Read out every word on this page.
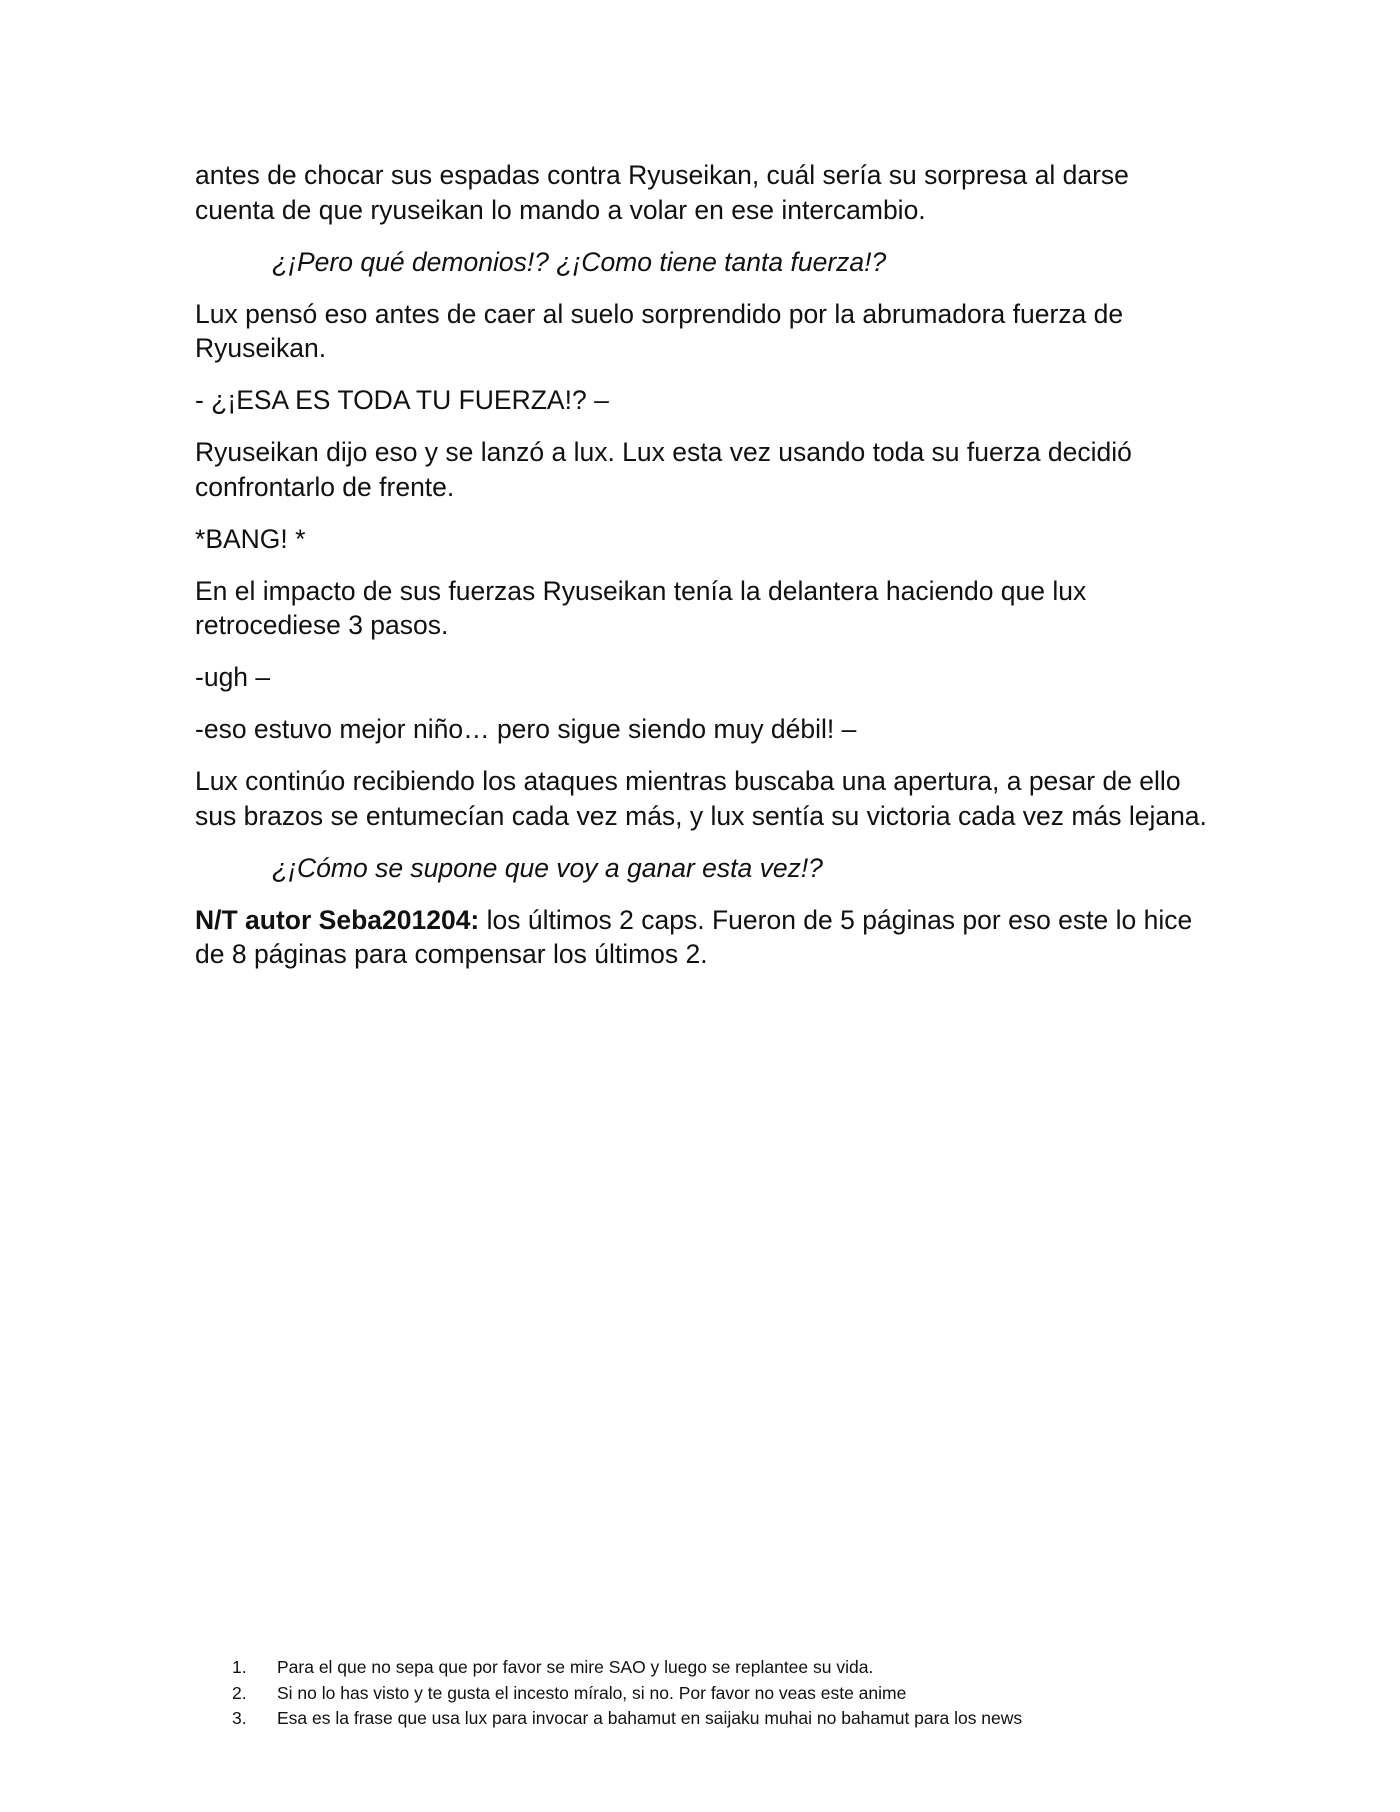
antes de chocar sus espadas contra Ryuseikan, cuál sería su sorpresa al darse cuenta de que ryuseikan lo mando a volar en ese intercambio.

¿¡Pero qué demonios!? ¿¡Como tiene tanta fuerza!?

Lux pensó eso antes de caer al suelo sorprendido por la abrumadora fuerza de Ryuseikan.

- ¿¡ESA ES TODA TU FUERZA!? –

Ryuseikan dijo eso y se lanzó a lux. Lux esta vez usando toda su fuerza decidió confrontarlo de frente.

*BANG! *

En el impacto de sus fuerzas Ryuseikan tenía la delantera haciendo que lux retrocediese 3 pasos.

-ugh –

-eso estuvo mejor niño… pero sigue siendo muy débil! –

Lux continúo recibiendo los ataques mientras buscaba una apertura, a pesar de ello sus brazos se entumecían cada vez más, y lux sentía su victoria cada vez más lejana.

¿¡Cómo se supone que voy a ganar esta vez!?

N/T autor Seba201204: los últimos 2 caps. Fueron de 5 páginas por eso este lo hice de 8 páginas para compensar los últimos 2.

1.	Para el que no sepa que por favor se mire SAO y luego se replantee su vida.
2.	Si no lo has visto y te gusta el incesto míralo, si no. Por favor no veas este anime
3.	Esa es la frase que usa lux para invocar a bahamut en saijaku muhai no bahamut para los news
